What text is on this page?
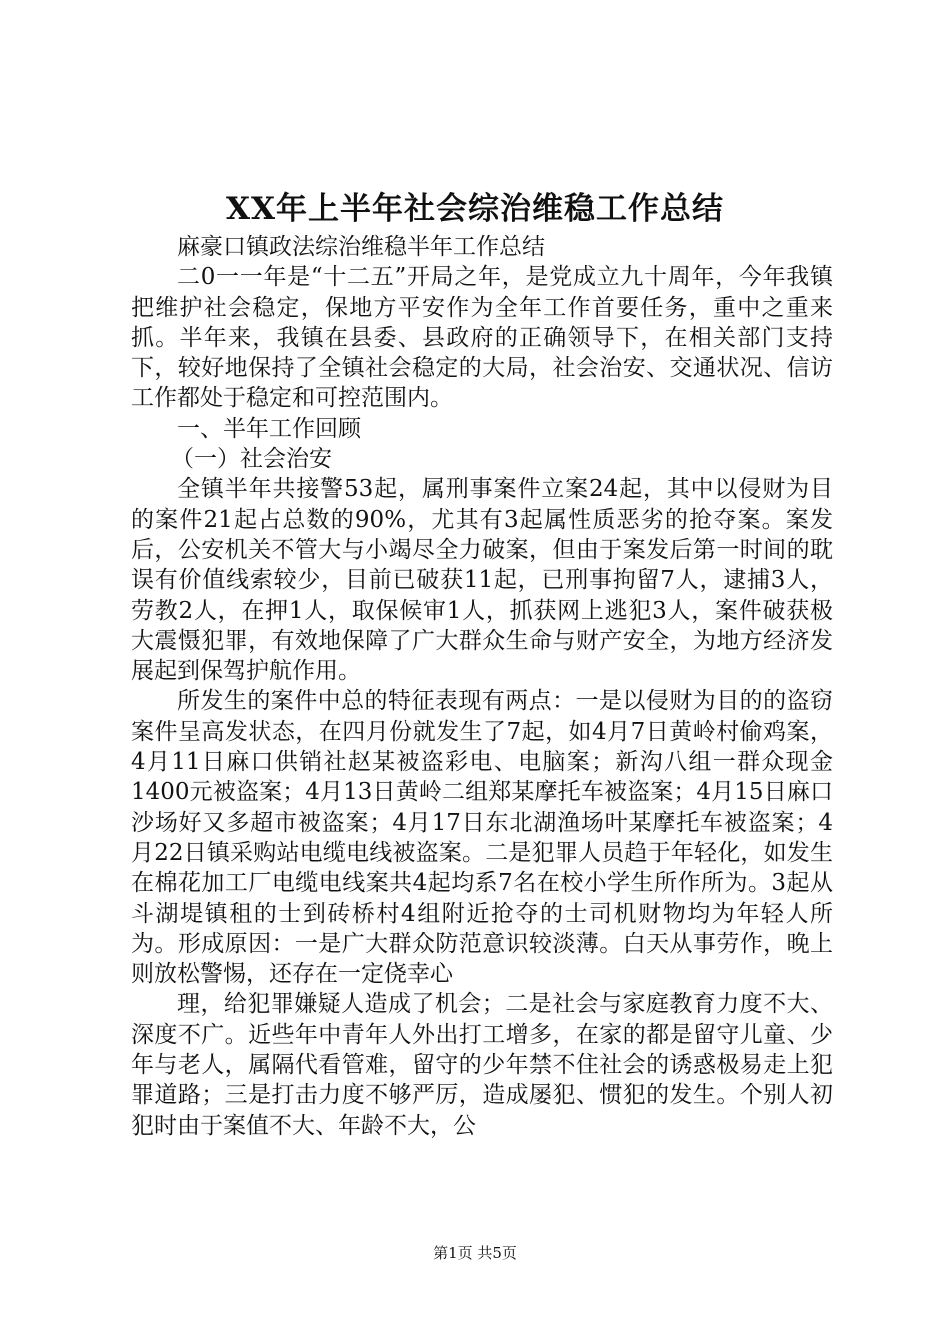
XX年上半年社会综治维稳工作总结

麻豪口镇政法综治维稳半年工作总结

二0一一年是“十二五”开局之年，是党成立九十周年，今年我镇把维护社会稳定，保地方平安作为全年工作首要任务，重中之重来抓。半年来，我镇在县委、县政府的正确领导下，在相关部门支持下，较好地保持了全镇社会稳定的大局，社会治安、交通状况、信访工作都处于稳定和可控范围内。

一、半年工作回顾

（一）社会治安

全镇半年共接警53起，属刑事案件立案24起，其中以侵财为目的案件21起占总数的90%，尤其有3起属性质恶劣的抢夺案。案发后，公安机关不管大与小竭尽全力破案，但由于案发后第一时间的耽误有价值线索较少，目前已破获11起，已刑事拘留7人，逮捕3人，劳教2人，在押1人，取保候审1人，抓获网上逃犯3人，案件破获极大震慑犯罪，有效地保障了广大群众生命与财产安全，为地方经济发展起到保驾护航作用。

所发生的案件中总的特征表现有两点：一是以侵财为目的的盗窃案件呈高发状态，在四月份就发生了7起，如4月7日黄岭村偷鸡案，4月11日麻口供销社赵某被盗彩电、电脑案；新沟八组一群众现金1400元被盗案；4月13日黄岭二组郑某摩托车被盗案；4月15日麻口沙场好又多超市被盗案；4月17日东北湖渔场叶某摩托车被盗案；4月22日镇采购站电缆电线被盗案。二是犯罪人员趋于年轻化，如发生在棉花加工厂电缆电线案共4起均系7名在校小学生所作所为。3起从斗湖堤镇租的士到砖桥村4组附近抢夺的士司机财物均为年轻人所为。形成原因：一是广大群众防范意识较淡薄。白天从事劳作，晚上则放松警惕，还存在一定侥幸心

理，给犯罪嫌疑人造成了机会；二是社会与家庭教育力度不大、深度不广。近些年中青年人外出打工增多，在家的都是留守儿童、少年与老人，属隔代看管难，留守的少年禁不住社会的诱惑极易走上犯罪道路；三是打击力度不够严厉，造成屡犯、惯犯的发生。个别人初犯时由于案值不大、年龄不大，公

第1页 共5页
